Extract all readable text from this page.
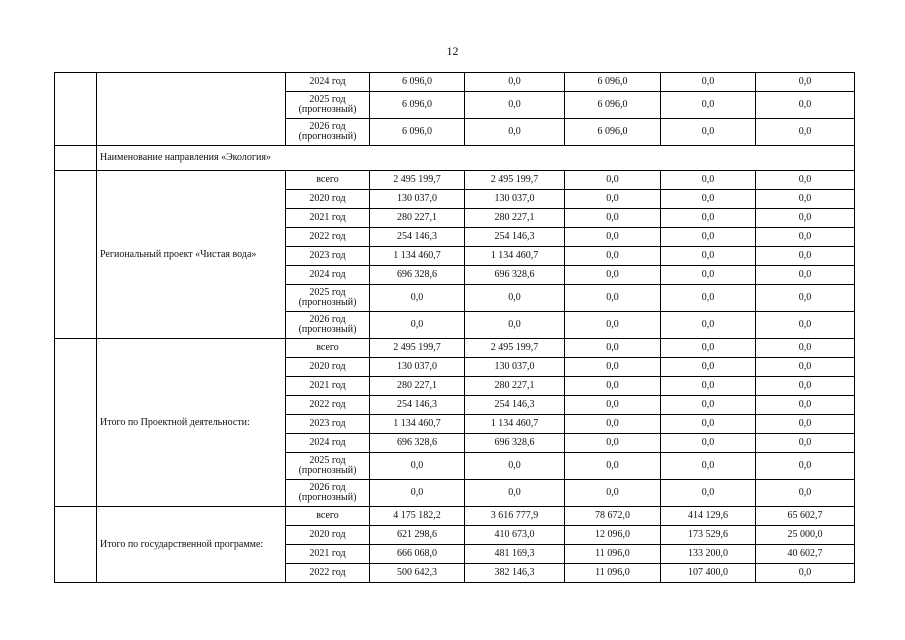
12
		2024 год	6 096,0	0,0	6 096,0	0,0	0,0
		2025 год
(прогнозный)	6 096,0	0,0	6 096,0	0,0	0,0
		2026 год
(прогнозный)	6 096,0	0,0	6 096,0	0,0	0,0
	Наименование направления «Экология»						
	Региональный проект «Чистая вода»	всего	2 495 199,7	2 495 199,7	0,0	0,0	0,0
		2020 год	130 037,0	130 037,0	0,0	0,0	0,0
		2021 год	280 227,1	280 227,1	0,0	0,0	0,0
		2022 год	254 146,3	254 146,3	0,0	0,0	0,0
		2023 год	1 134 460,7	1 134 460,7	0,0	0,0	0,0
		2024 год	696 328,6	696 328,6	0,0	0,0	0,0
		2025 год
(прогнозный)	0,0	0,0	0,0	0,0	0,0
		2026 год
(прогнозный)	0,0	0,0	0,0	0,0	0,0
	Итого по Проектной деятельности:	всего	2 495 199,7	2 495 199,7	0,0	0,0	0,0
		2020 год	130 037,0	130 037,0	0,0	0,0	0,0
		2021 год	280 227,1	280 227,1	0,0	0,0	0,0
		2022 год	254 146,3	254 146,3	0,0	0,0	0,0
		2023 год	1 134 460,7	1 134 460,7	0,0	0,0	0,0
		2024 год	696 328,6	696 328,6	0,0	0,0	0,0
		2025 год
(прогнозный)	0,0	0,0	0,0	0,0	0,0
		2026 год
(прогнозный)	0,0	0,0	0,0	0,0	0,0
	Итого по государственной программе:	всего	4 175 182,2	3 616 777,9	78 672,0	414 129,6	65 602,7
		2020 год	621 298,6	410 673,0	12 096,0	173 529,6	25 000,0
		2021 год	666 068,0	481 169,3	11 096,0	133 200,0	40 602,7
		2022 год	500 642,3	382 146,3	11 096,0	107 400,0	0,0
